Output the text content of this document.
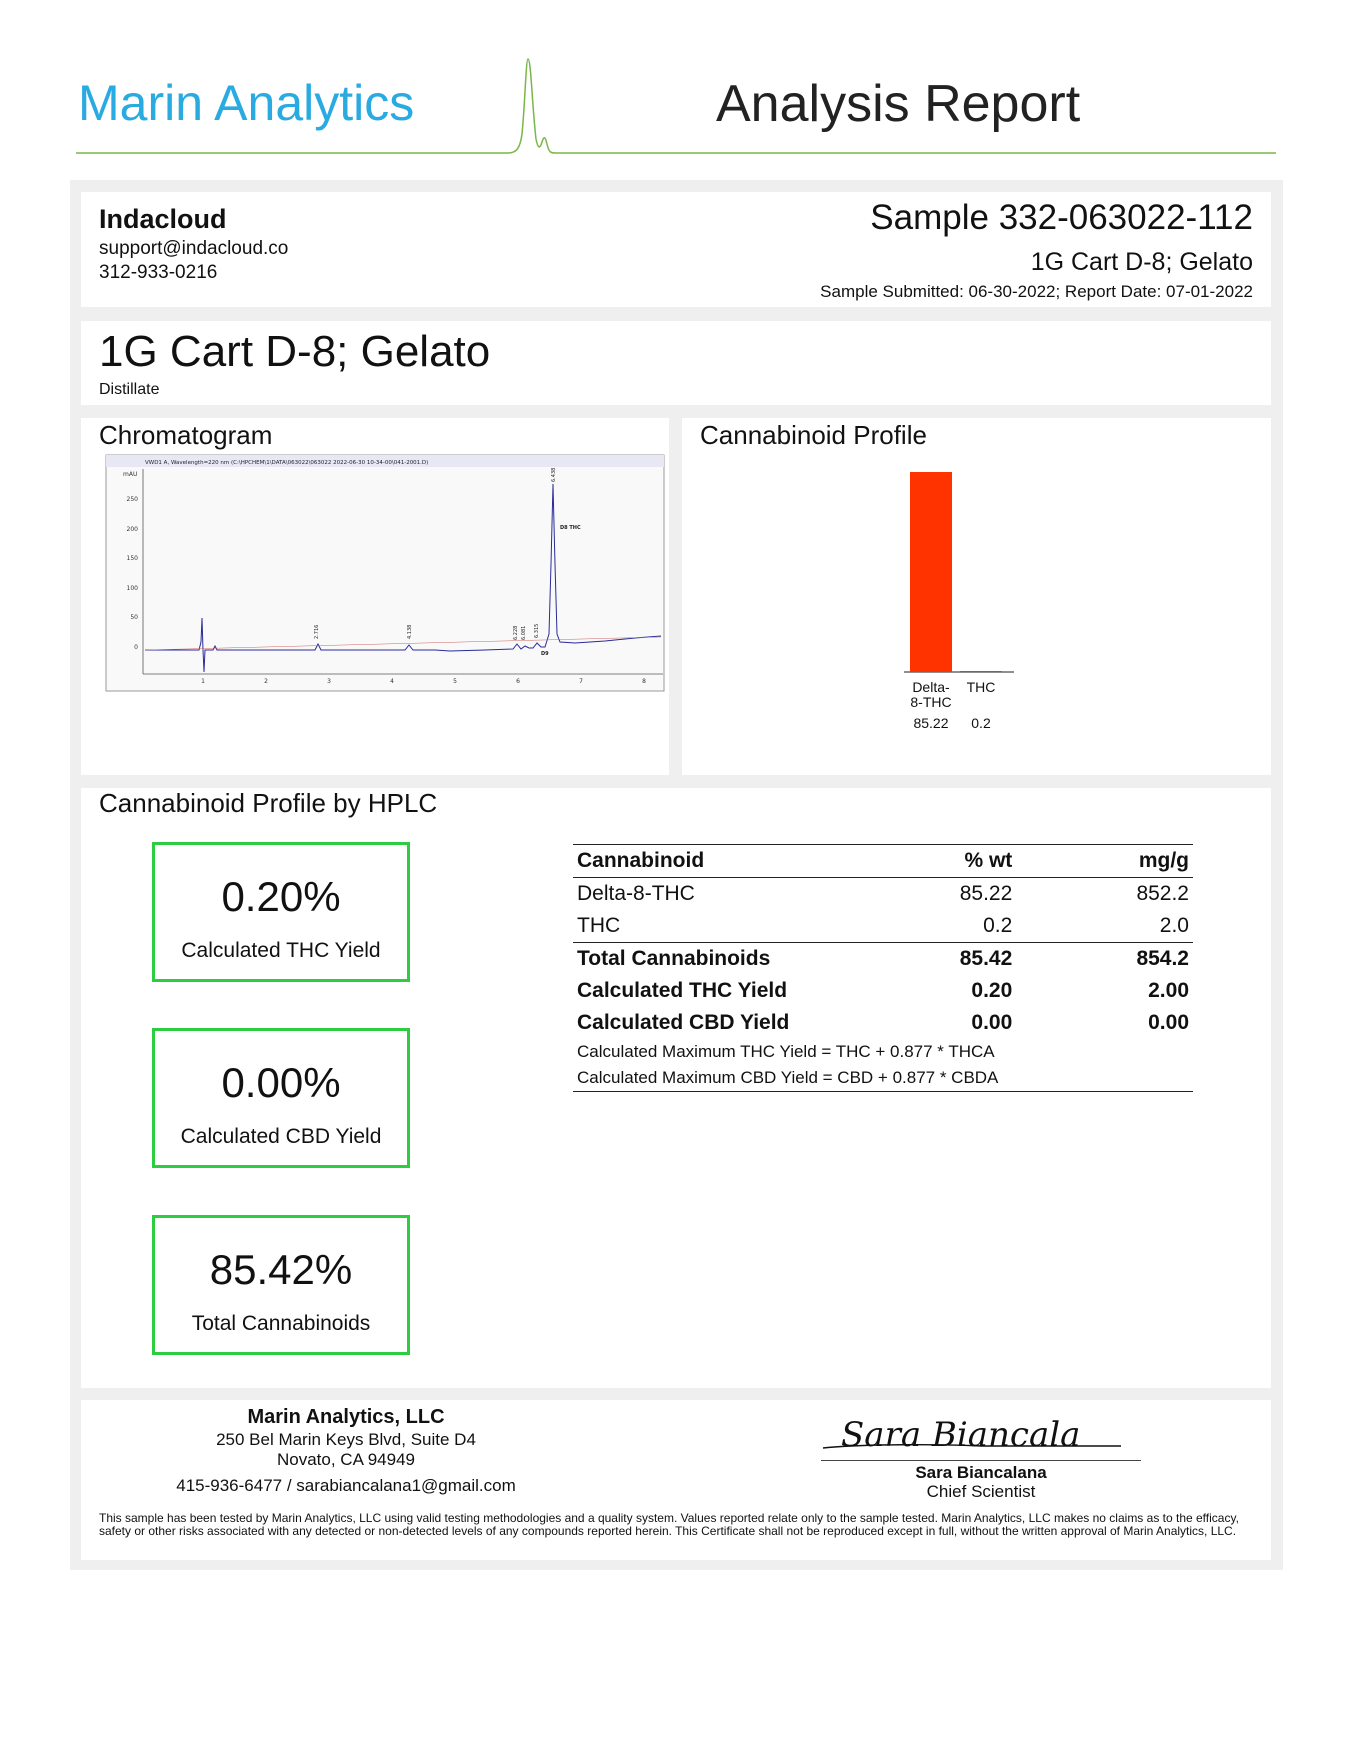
Marin Analytics	Analysis Report
Indacloud
support@indacloud.co
312-933-0216
Sample 332-063022-112
1G Cart D-8; Gelato
Sample Submitted: 06-30-2022; Report Date: 07-01-2022
1G Cart D-8; Gelato
Distillate
Chromatogram
VWD1 A, Wavelength=220 nm (C:\HPCHEM\1\DATA\063022\063022 2022-06-30 10-34-00\041-2001.D)
mAU
250
200
150
100
50
0
1	2	3	4	5	6	7	8
2.716	4.138	6.228 6.081 6.315
6.438
D8 THC
D9
Cannabinoid Profile
Delta-8-THC
85.22
THC
0.2
Cannabinoid Profile by HPLC
0.20%
Calculated THC Yield
0.00%
Calculated CBD Yield
85.42%
Total Cannabinoids
Cannabinoid	% wt	mg/g
Delta-8-THC	85.22	852.2
THC	0.2	2.0
Total Cannabinoids	85.42	854.2
Calculated THC Yield	0.20	2.00
Calculated CBD Yield	0.00	0.00
Calculated Maximum THC Yield = THC + 0.877 * THCA		
Calculated Maximum CBD Yield = CBD + 0.877 * CBDA		
Marin Analytics, LLC
250 Bel Marin Keys Blvd, Suite D4
Novato, CA 94949
415-936-6477 / sarabiancalana1@gmail.com
Sara Biancala
Sara Biancalana
Chief Scientist
This sample has been tested by Marin Analytics, LLC using valid testing methodologies and a quality system. Values reported relate only to the sample tested. Marin Analytics, LLC makes no claims as to the efficacy, safety or other risks associated with any detected or non-detected levels of any compounds reported herein. This Certificate shall not be reproduced except in full, without the written approval of Marin Analytics, LLC.
